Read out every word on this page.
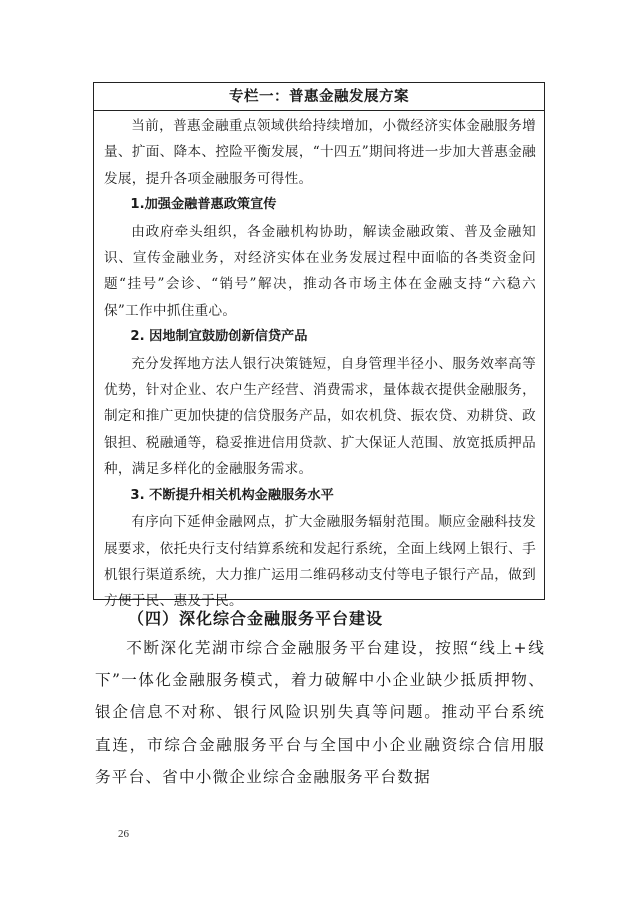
专栏一：普惠金融发展方案

当前，普惠金融重点领域供给持续增加，小微经济实体金融服务增量、扩面、降本、控险平衡发展，“十四五”期间将进一步加大普惠金融发展，提升各项金融服务可得性。

1.加强金融普惠政策宣传

由政府牵头组织，各金融机构协助，解读金融政策、普及金融知识、宣传金融业务，对经济实体在业务发展过程中面临的各类资金问题“挂号”会诊、“销号”解决，推动各市场主体在金融支持“六稳六保”工作中抓住重心。

2. 因地制宜鼓励创新信贷产品

充分发挥地方法人银行决策链短，自身管理半径小、服务效率高等优势，针对企业、农户生产经营、消费需求，量体裁衣提供金融服务，制定和推广更加快捷的信贷服务产品，如农机贷、振农贷、劝耕贷、政银担、税融通等，稳妥推进信用贷款、扩大保证人范围、放宽抵质押品种，满足多样化的金融服务需求。

3. 不断提升相关机构金融服务水平

有序向下延伸金融网点，扩大金融服务辐射范围。顺应金融科技发展要求，依托央行支付结算系统和发起行系统，全面上线网上银行、手机银行渠道系统，大力推广运用二维码移动支付等电子银行产品，做到方便于民、惠及于民。

（四）深化综合金融服务平台建设

不断深化芜湖市综合金融服务平台建设，按照“线上+线下”一体化金融服务模式，着力破解中小企业缺少抵质押物、银企信息不对称、银行风险识别失真等问题。推动平台系统直连，市综合金融服务平台与全国中小企业融资综合信用服务平台、省中小微企业综合金融服务平台数据

26
